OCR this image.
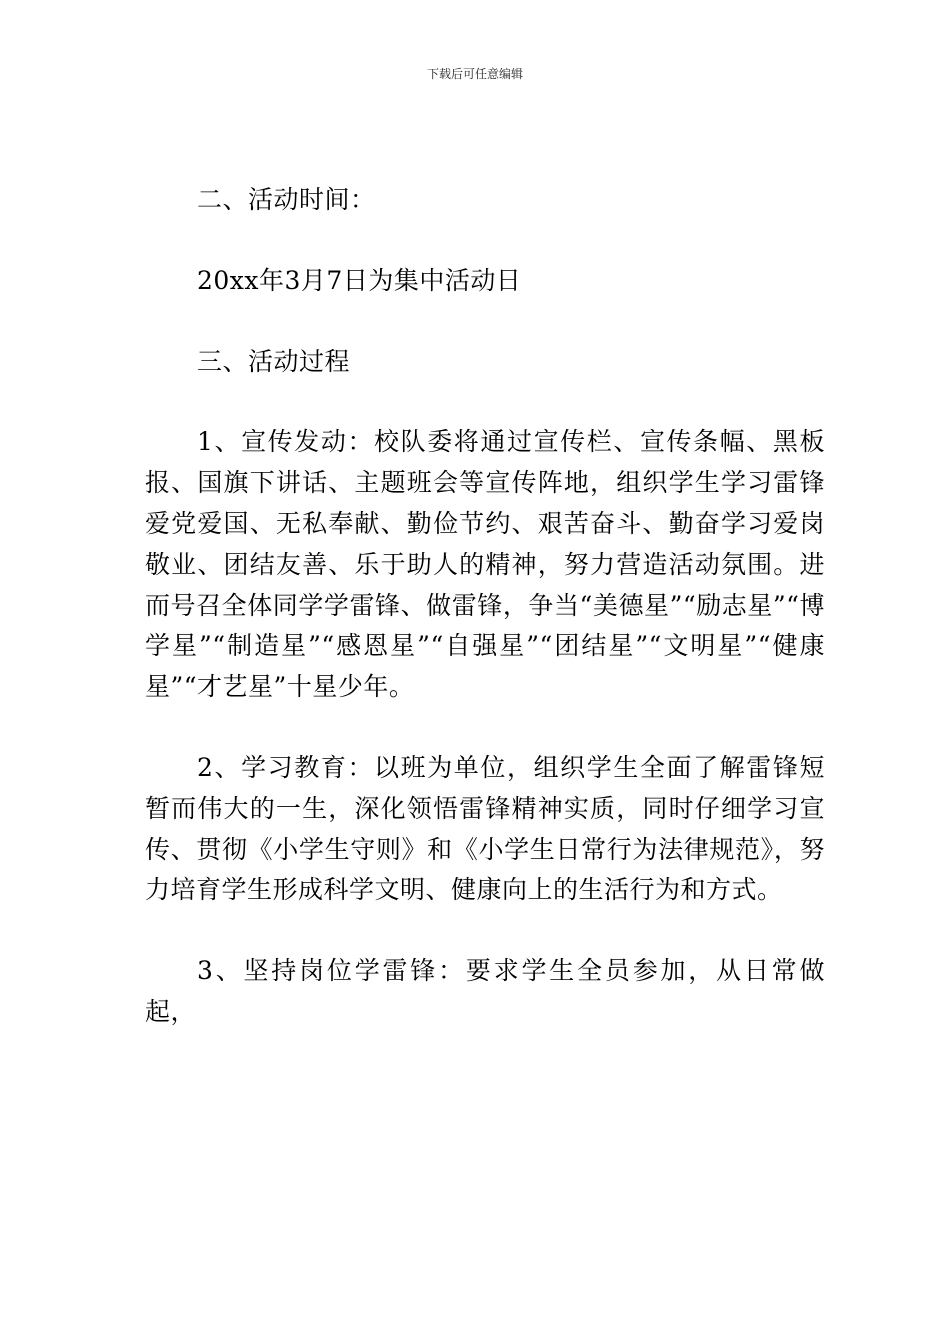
下载后可任意编辑

二、活动时间：

20xx年3月7日为集中活动日

三、活动过程

1、宣传发动：校队委将通过宣传栏、宣传条幅、黑板报、国旗下讲话、主题班会等宣传阵地，组织学生学习雷锋爱党爱国、无私奉献、勤俭节约、艰苦奋斗、勤奋学习爱岗敬业、团结友善、乐于助人的精神，努力营造活动氛围。进而号召全体同学学雷锋、做雷锋，争当“美德星”“励志星”“博学星”“制造星”“感恩星”“自强星”“团结星”“文明星”“健康星”“才艺星”十星少年。

2、学习教育：以班为单位，组织学生全面了解雷锋短暂而伟大的一生，深化领悟雷锋精神实质，同时仔细学习宣传、贯彻《小学生守则》和《小学生日常行为法律规范》，努力培育学生形成科学文明、健康向上的生活行为和方式。

3、坚持岗位学雷锋：要求学生全员参加，从日常做起，
